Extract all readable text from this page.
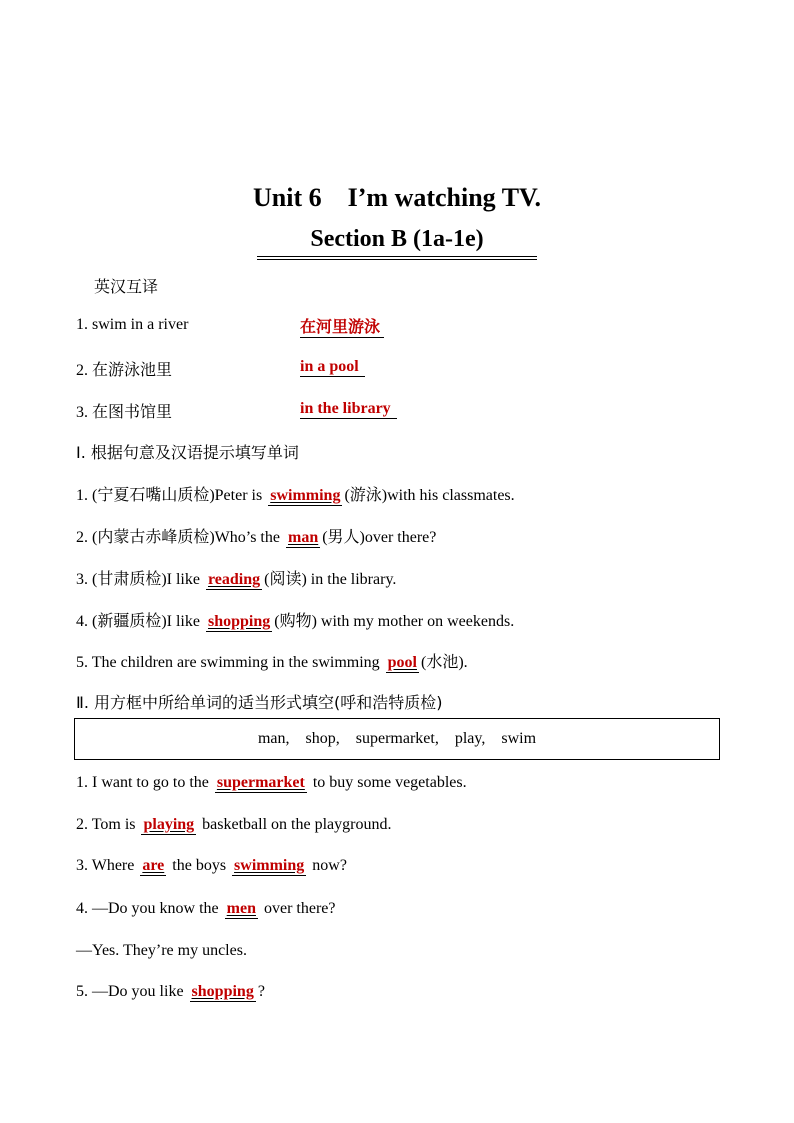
Unit 6    I’m watching TV.
Section B (1a-1e)
英汉互译
1. swim in a river	在河里游泳
2. 在游泳池里	in a pool
3. 在图书馆里	in the library
Ⅰ. 根据句意及汉语提示填写单词
1. (宁夏石嘴山质检)Peter is swimming (游泳)with his classmates.
2. (内蒙古赤峰质检)Who’s the man (男人)over there?
3. (甘肃质检)I like reading (阅读) in the library.
4. (新疆质检)I like shopping (购物) with my mother on weekends.
5. The children are swimming in the swimming pool (水池).
Ⅱ. 用方框中所给单词的适当形式填空(呼和浩特质检)
man,    shop,    supermarket,    play,    swim
1. I want to go to the supermarket to buy some vegetables.
2. Tom is playing basketball on the playground.
3. Where are the boys swimming now?
4. —Do you know the men over there?
—Yes. They’re my uncles.
5. —Do you like shopping ?
